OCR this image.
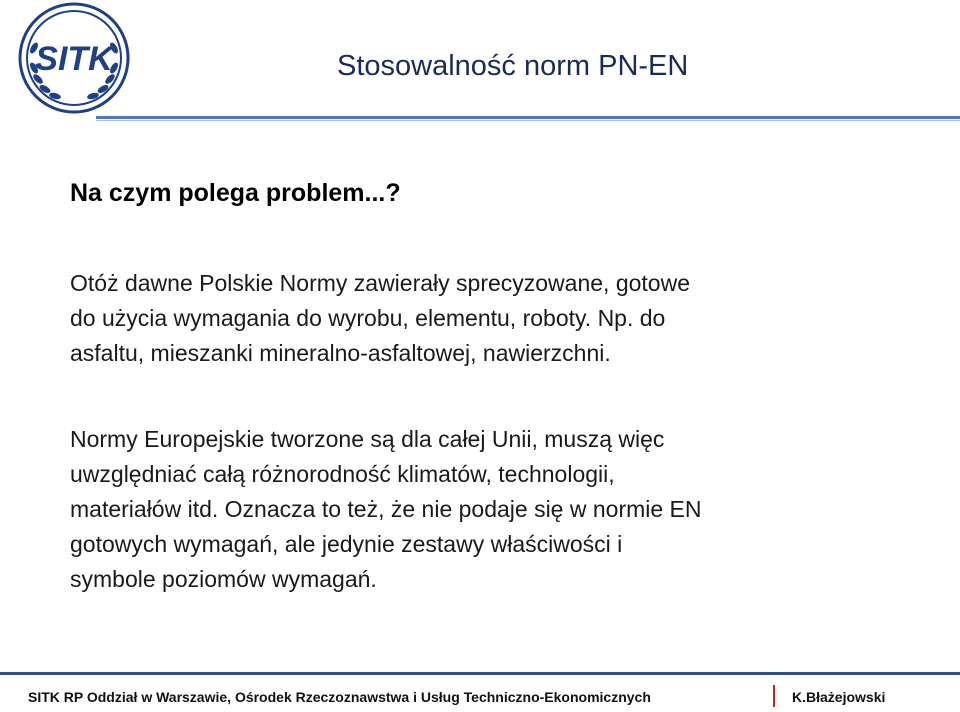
SITK	Stosowalność norm PN-EN
Na czym polega problem...?
Otóż dawne Polskie Normy zawierały sprecyzowane, gotowe
do użycia wymagania do wyrobu, elementu, roboty. Np. do
asfaltu, mieszanki mineralno-asfaltowej, nawierzchni.
Normy Europejskie tworzone są dla całej Unii, muszą więc
uwzględniać całą różnorodność klimatów, technologii,
materiałów itd. Oznacza to też, że nie podaje się w normie EN
gotowych wymagań, ale jedynie zestawy właściwości i
symbole poziomów wymagań.
SITK RP Oddział w Warszawie, Ośrodek Rzeczoznawstwa i Usług Techniczno-Ekonomicznych	K.Błażejowski
